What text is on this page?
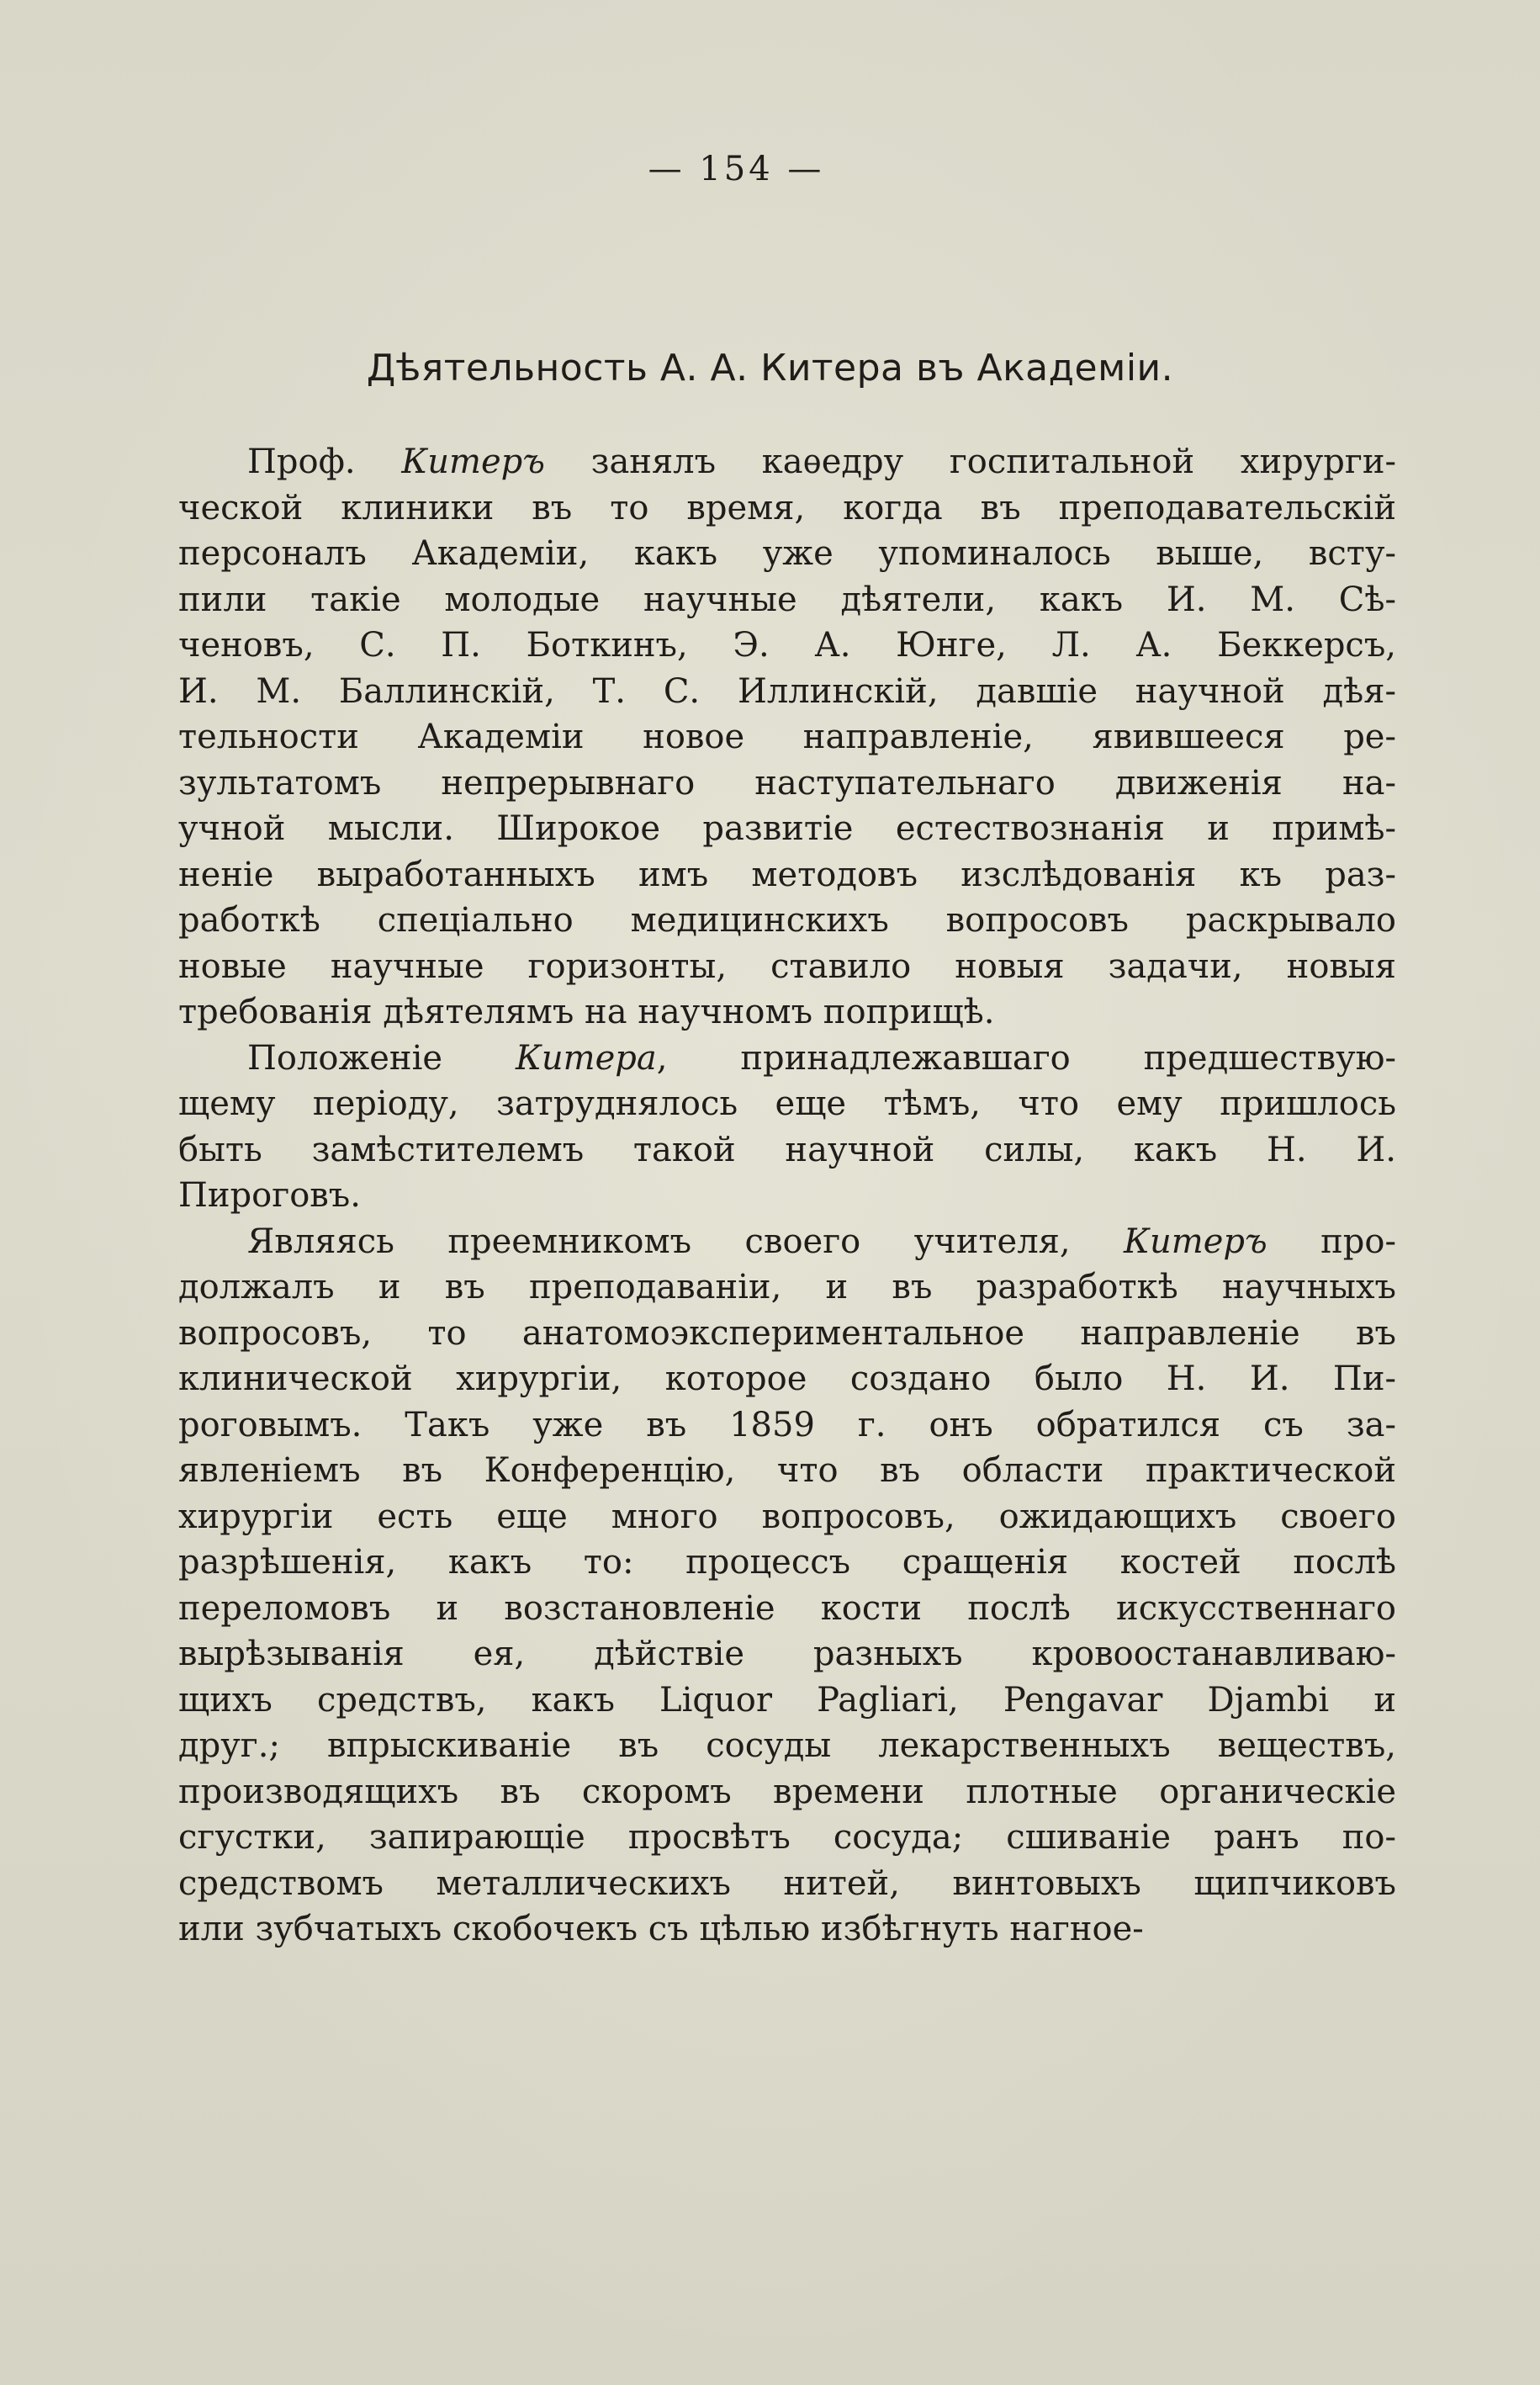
— 154 —
Дѣятельность А. А. Китера въ Академіи.
Проф. Китеръ занялъ каѳедру госпитальной хирурги-
ческой клиники въ то время, когда въ преподавательскій
персоналъ Академіи, какъ уже упоминалось выше, всту-
пили такіе молодые научные дѣятели, какъ И. М. Сѣ-
ченовъ, С. П. Боткинъ, Э. А. Юнге, Л. А. Беккерсъ,
И. М. Баллинскій, Т. С. Иллинскій, давшіе научной дѣя-
тельности Академіи новое направленіе, явившееся ре-
зультатомъ непрерывнаго наступательнаго движенія на-
учной мысли. Широкое развитіе естествознанія и примѣ-
неніе выработанныхъ имъ методовъ изслѣдованія къ раз-
работкѣ спеціально медицинскихъ вопросовъ раскрывало
новые научные горизонты, ставило новыя задачи, новыя
требованія дѣятелямъ на научномъ поприщѣ.
Положеніе Китера, принадлежавшаго предшествую-
щему періоду, затруднялось еще тѣмъ, что ему пришлось
быть замѣстителемъ такой научной силы, какъ Н. И.
Пироговъ.
Являясь преемникомъ своего учителя, Китеръ про-
должалъ и въ преподаваніи, и въ разработкѣ научныхъ
вопросовъ, то анатомоэкспериментальное направленіе въ
клинической хирургіи, которое создано было Н. И. Пи-
роговымъ. Такъ уже въ 1859 г. онъ обратился съ за-
явленіемъ въ Конференцію, что въ области практической
хирургіи есть еще много вопросовъ, ожидающихъ своего
разрѣшенія, какъ то: процессъ сращенія костей послѣ
переломовъ и возстановленіе кости послѣ искусственнаго
вырѣзыванія ея, дѣйствіе разныхъ кровоостанавливаю-
щихъ средствъ, какъ Liquor Pagliari, Pengavar Djambi и
друг.; впрыскиваніе въ сосуды лекарственныхъ веществъ,
производящихъ въ скоромъ времени плотные органическіе
сгустки, запирающіе просвѣтъ сосуда; сшиваніе ранъ по-
средствомъ металлическихъ нитей, винтовыхъ щипчиковъ
или зубчатыхъ скобочекъ съ цѣлью избѣгнуть нагное-
